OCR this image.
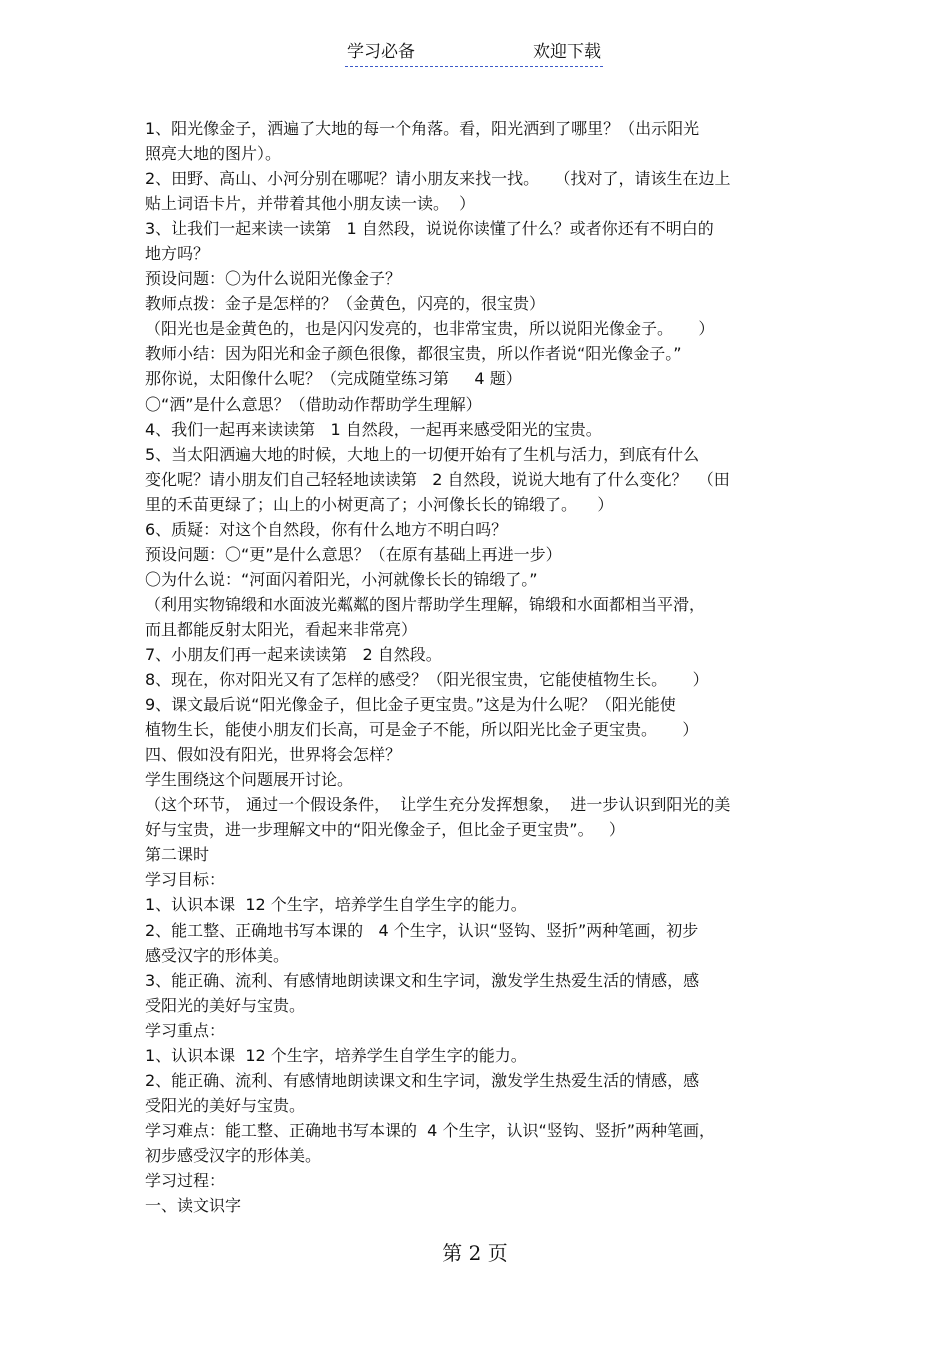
学习必备	欢迎下载
1、阳光像金子，洒遍了大地的每一个角落。看，阳光洒到了哪里？（出示阳光
照亮大地的图片）。
2、田野、高山、小河分别在哪呢？请小朋友来找一找。   （找对了，请该生在边上
贴上词语卡片，并带着其他小朋友读一读。  ）
3、让我们一起来读一读第   1 自然段，说说你读懂了什么？或者你还有不明白的
地方吗？
预设问题：〇为什么说阳光像金子？
教师点拨：金子是怎样的？（金黄色，闪亮的，很宝贵）
（阳光也是金黄色的，也是闪闪发亮的，也非常宝贵，所以说阳光像金子。     ）
教师小结：因为阳光和金子颜色很像，都很宝贵，所以作者说“阳光像金子。”
那你说，太阳像什么呢？（完成随堂练习第     4 题）
〇“洒”是什么意思？（借助动作帮助学生理解）
4、我们一起再来读读第   1 自然段，一起再来感受阳光的宝贵。
5、当太阳洒遍大地的时候，大地上的一切便开始有了生机与活力，到底有什么
变化呢？请小朋友们自己轻轻地读读第   2 自然段，说说大地有了什么变化？  （田
里的禾苗更绿了；山上的小树更高了；小河像长长的锦缎了。    ）
6、质疑：对这个自然段，你有什么地方不明白吗？
预设问题：〇“更”是什么意思？（在原有基础上再进一步）
〇为什么说：“河面闪着阳光，小河就像长长的锦缎了。”
（利用实物锦缎和水面波光粼粼的图片帮助学生理解，锦缎和水面都相当平滑，
而且都能反射太阳光，看起来非常亮）
7、小朋友们再一起来读读第   2 自然段。
8、现在，你对阳光又有了怎样的感受？（阳光很宝贵，它能使植物生长。     ）
9、课文最后说“阳光像金子，但比金子更宝贵。”这是为什么呢？（阳光能使
植物生长，能使小朋友们长高，可是金子不能，所以阳光比金子更宝贵。     ）
四、假如没有阳光，世界将会怎样？
学生围绕这个问题展开讨论。
（这个环节， 通过一个假设条件，  让学生充分发挥想象，  进一步认识到阳光的美
好与宝贵，进一步理解文中的“阳光像金子，但比金子更宝贵”。   ）
第二课时
学习目标：
1、认识本课  12 个生字，培养学生自学生字的能力。
2、能工整、正确地书写本课的   4 个生字，认识“竖钩、竖折”两种笔画，初步
感受汉字的形体美。
3、能正确、流利、有感情地朗读课文和生字词，激发学生热爱生活的情感，感
受阳光的美好与宝贵。
学习重点：
1、认识本课  12 个生字，培养学生自学生字的能力。
2、能正确、流利、有感情地朗读课文和生字词，激发学生热爱生活的情感，感
受阳光的美好与宝贵。
学习难点：能工整、正确地书写本课的  4 个生字，认识“竖钩、竖折”两种笔画，
初步感受汉字的形体美。
学习过程：
一、读文识字
第 2 页
